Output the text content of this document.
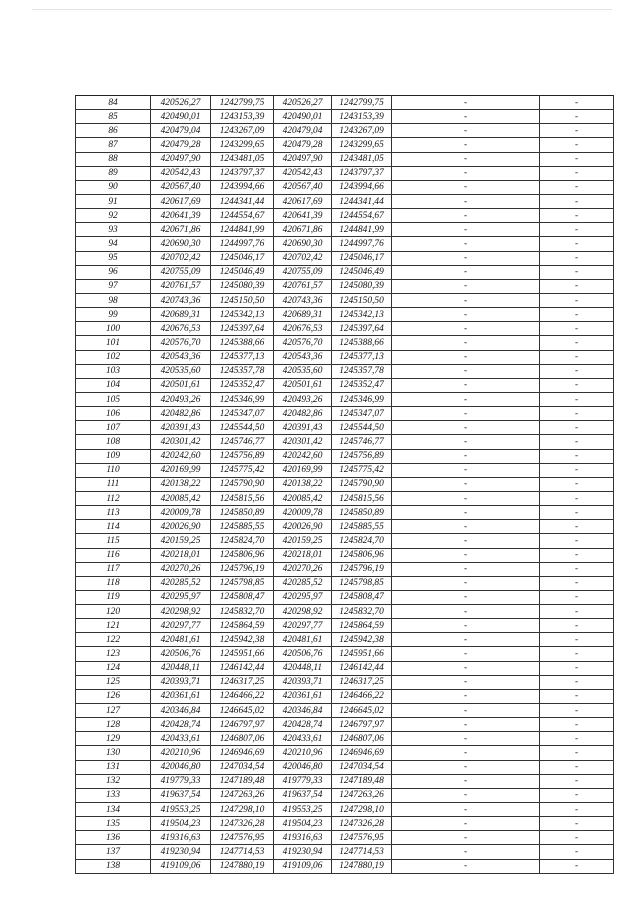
84	420526,27	1242799,75	420526,27	1242799,75	-	-
85	420490,01	1243153,39	420490,01	1243153,39	-	-
86	420479,04	1243267,09	420479,04	1243267,09	-	-
87	420479,28	1243299,65	420479,28	1243299,65	-	-
88	420497,90	1243481,05	420497,90	1243481,05	-	-
89	420542,43	1243797,37	420542,43	1243797,37	-	-
90	420567,40	1243994,66	420567,40	1243994,66	-	-
91	420617,69	1244341,44	420617,69	1244341,44	-	-
92	420641,39	1244554,67	420641,39	1244554,67	-	-
93	420671,86	1244841,99	420671,86	1244841,99	-	-
94	420690,30	1244997,76	420690,30	1244997,76	-	-
95	420702,42	1245046,17	420702,42	1245046,17	-	-
96	420755,09	1245046,49	420755,09	1245046,49	-	-
97	420761,57	1245080,39	420761,57	1245080,39	-	-
98	420743,36	1245150,50	420743,36	1245150,50	-	-
99	420689,31	1245342,13	420689,31	1245342,13	-	-
100	420676,53	1245397,64	420676,53	1245397,64	-	-
101	420576,70	1245388,66	420576,70	1245388,66	-	-
102	420543,36	1245377,13	420543,36	1245377,13	-	-
103	420535,60	1245357,78	420535,60	1245357,78	-	-
104	420501,61	1245352,47	420501,61	1245352,47	-	-
105	420493,26	1245346,99	420493,26	1245346,99	-	-
106	420482,86	1245347,07	420482,86	1245347,07	-	-
107	420391,43	1245544,50	420391,43	1245544,50	-	-
108	420301,42	1245746,77	420301,42	1245746,77	-	-
109	420242,60	1245756,89	420242,60	1245756,89	-	-
110	420169,99	1245775,42	420169,99	1245775,42	-	-
111	420138,22	1245790,90	420138,22	1245790,90	-	-
112	420085,42	1245815,56	420085,42	1245815,56	-	-
113	420009,78	1245850,89	420009,78	1245850,89	-	-
114	420026,90	1245885,55	420026,90	1245885,55	-	-
115	420159,25	1245824,70	420159,25	1245824,70	-	-
116	420218,01	1245806,96	420218,01	1245806,96	-	-
117	420270,26	1245796,19	420270,26	1245796,19	-	-
118	420285,52	1245798,85	420285,52	1245798,85	-	-
119	420295,97	1245808,47	420295,97	1245808,47	-	-
120	420298,92	1245832,70	420298,92	1245832,70	-	-
121	420297,77	1245864,59	420297,77	1245864,59	-	-
122	420481,61	1245942,38	420481,61	1245942,38	-	-
123	420506,76	1245951,66	420506,76	1245951,66	-	-
124	420448,11	1246142,44	420448,11	1246142,44	-	-
125	420393,71	1246317,25	420393,71	1246317,25	-	-
126	420361,61	1246466,22	420361,61	1246466,22	-	-
127	420346,84	1246645,02	420346,84	1246645,02	-	-
128	420428,74	1246797,97	420428,74	1246797,97	-	-
129	420433,61	1246807,06	420433,61	1246807,06	-	-
130	420210,96	1246946,69	420210,96	1246946,69	-	-
131	420046,80	1247034,54	420046,80	1247034,54	-	-
132	419779,33	1247189,48	419779,33	1247189,48	-	-
133	419637,54	1247263,26	419637,54	1247263,26	-	-
134	419553,25	1247298,10	419553,25	1247298,10	-	-
135	419504,23	1247326,28	419504,23	1247326,28	-	-
136	419316,63	1247576,95	419316,63	1247576,95	-	-
137	419230,94	1247714,53	419230,94	1247714,53	-	-
138	419109,06	1247880,19	419109,06	1247880,19	-	-
